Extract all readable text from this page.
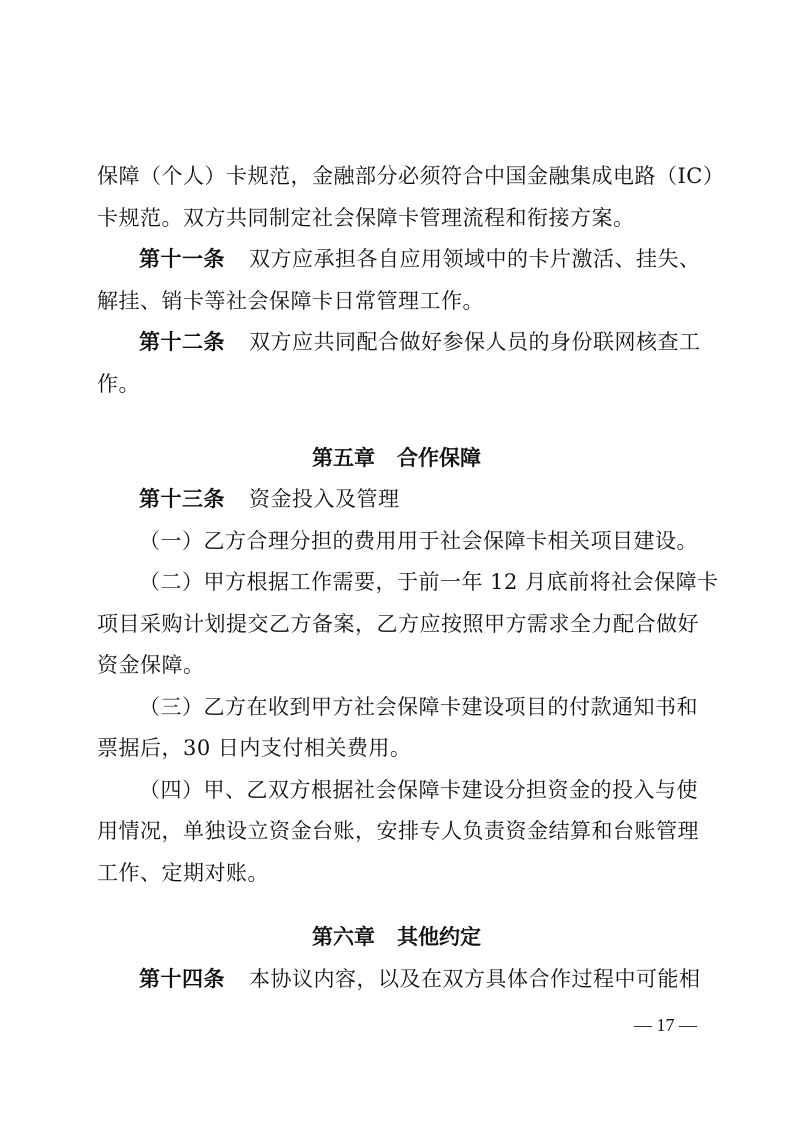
保障（个人）卡规范，金融部分必须符合中国金融集成电路（IC）
卡规范。双方共同制定社会保障卡管理流程和衔接方案。
第十一条 双方应承担各自应用领域中的卡片激活、挂失、
解挂、销卡等社会保障卡日常管理工作。
第十二条 双方应共同配合做好参保人员的身份联网核查工
作。
第五章 合作保障
第十三条 资金投入及管理
（一）乙方合理分担的费用用于社会保障卡相关项目建设。
（二）甲方根据工作需要，于前一年 12 月底前将社会保障卡
项目采购计划提交乙方备案，乙方应按照甲方需求全力配合做好
资金保障。
（三）乙方在收到甲方社会保障卡建设项目的付款通知书和
票据后，30 日内支付相关费用。
（四）甲、乙双方根据社会保障卡建设分担资金的投入与使
用情况，单独设立资金台账，安排专人负责资金结算和台账管理
工作、定期对账。
第六章 其他约定
第十四条 本协议内容，以及在双方具体合作过程中可能相
— 17 —
